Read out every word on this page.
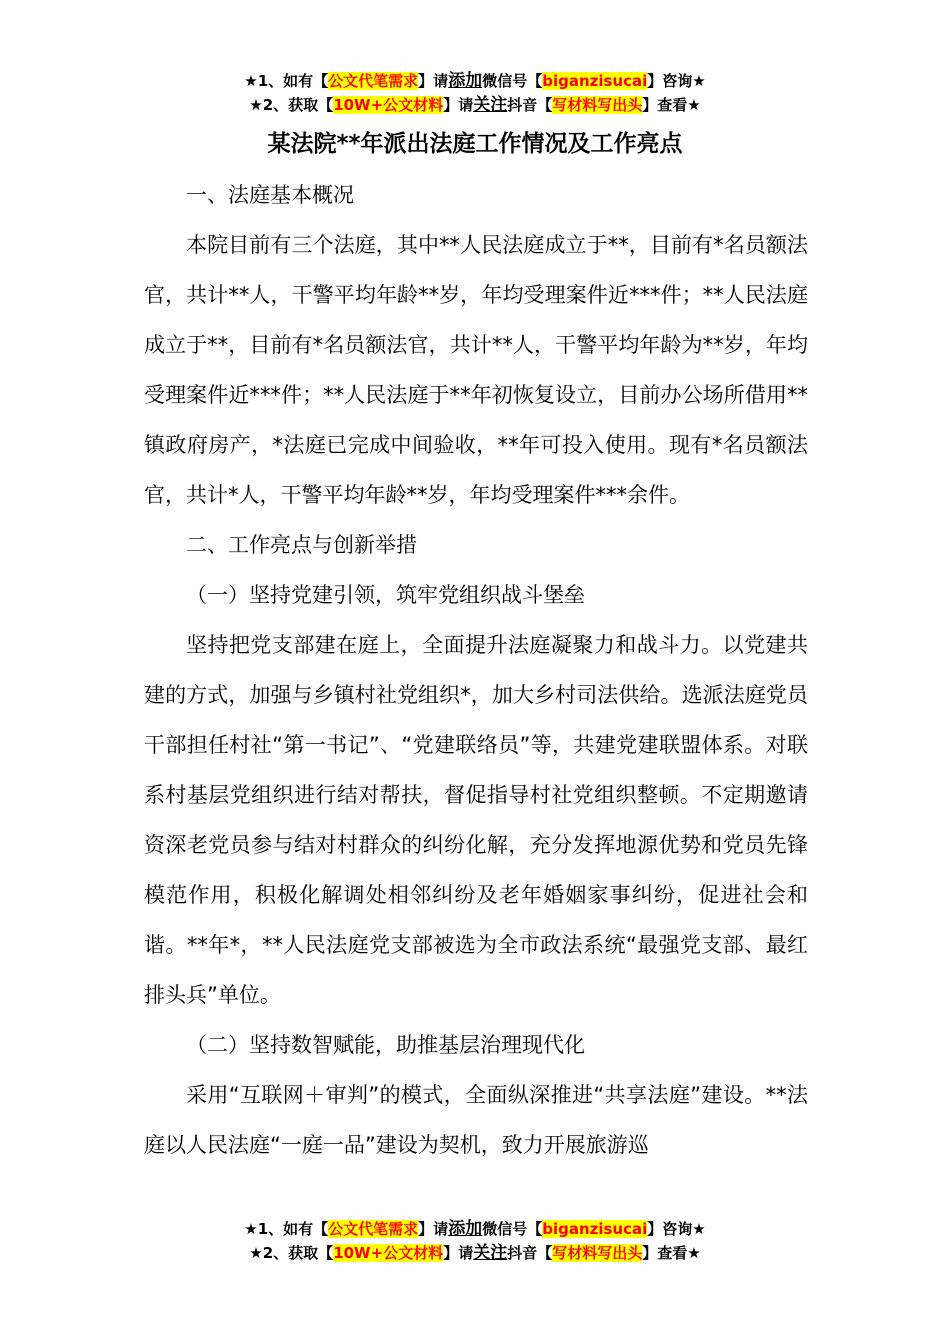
★1、如有【公文代笔需求】请添加微信号【biganzisucai】咨询★
★2、获取【10W+公文材料】请关注抖音【写材料写出头】查看★
某法院**年派出法庭工作情况及工作亮点

一、法庭基本概况

本院目前有三个法庭，其中**人民法庭成立于**，目前有*名员额法官，共计**人，干警平均年龄**岁，年均受理案件近***件；**人民法庭成立于**，目前有*名员额法官，共计**人，干警平均年龄为**岁，年均受理案件近***件；**人民法庭于**年初恢复设立，目前办公场所借用**镇政府房产，*法庭已完成中间验收，**年可投入使用。现有*名员额法官，共计*人，干警平均年龄**岁，年均受理案件***余件。

二、工作亮点与创新举措

（一）坚持党建引领，筑牢党组织战斗堡垒

坚持把党支部建在庭上，全面提升法庭凝聚力和战斗力。以党建共建的方式，加强与乡镇村社党组织*，加大乡村司法供给。选派法庭党员干部担任村社“第一书记”、“党建联络员”等，共建党建联盟体系。对联系村基层党组织进行结对帮扶，督促指导村社党组织整顿。不定期邀请资深老党员参与结对村群众的纠纷化解，充分发挥地源优势和党员先锋模范作用，积极化解调处相邻纠纷及老年婚姻家事纠纷，促进社会和谐。**年*，**人民法庭党支部被选为全市政法系统“最强党支部、最红排头兵”单位。

（二）坚持数智赋能，助推基层治理现代化

采用“互联网＋审判”的模式，全面纵深推进“共享法庭”建设。**法庭以人民法庭“一庭一品”建设为契机，致力开展旅游巡

★1、如有【公文代笔需求】请添加微信号【biganzisucai】咨询★
★2、获取【10W+公文材料】请关注抖音【写材料写出头】查看★
